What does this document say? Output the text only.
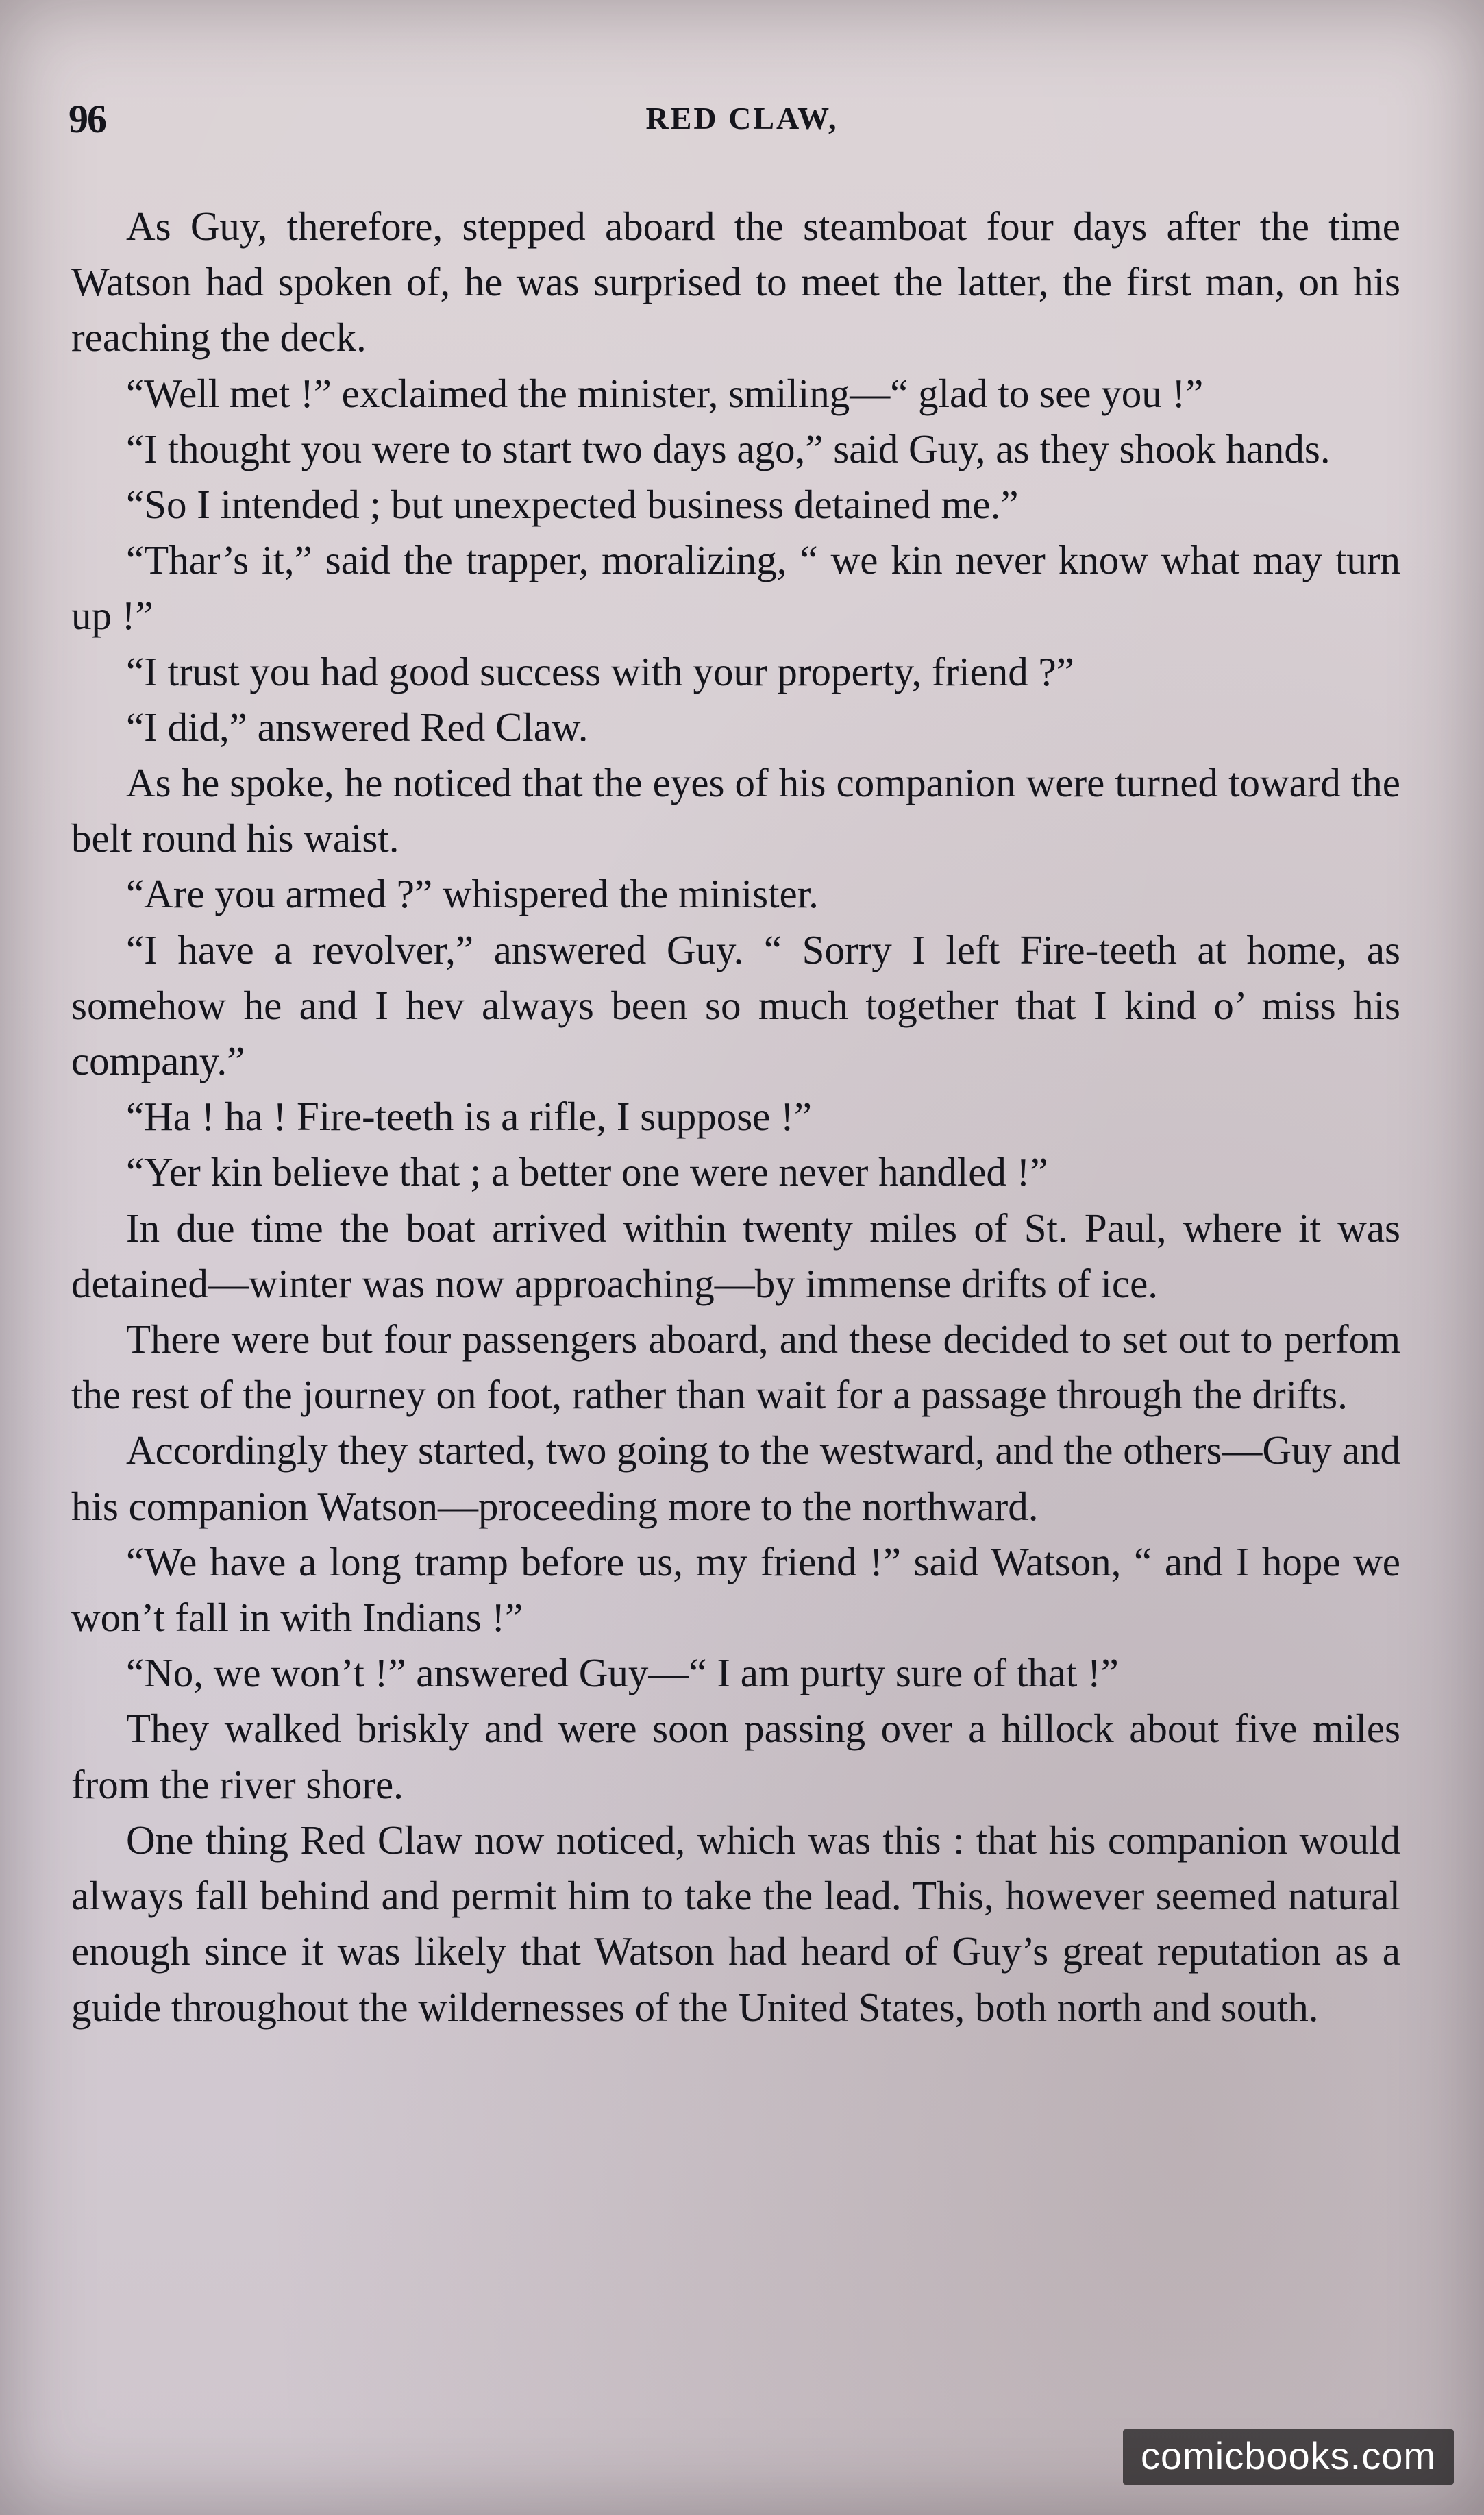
96	RED CLAW,

As Guy, therefore, stepped aboard the steamboat four days after the time Watson had spoken of, he was surprised to meet the latter, the first man, on his reaching the deck.

“Well met !” exclaimed the minister, smiling—“ glad to see you !”

“I thought you were to start two days ago,” said Guy, as they shook hands.

“So I intended ; but unexpected business detained me.”

“Thar’s it,” said the trapper, moralizing, “ we kin never know what may turn up !”

“I trust you had good success with your property, friend ?”

“I did,” answered Red Claw.

As he spoke, he noticed that the eyes of his companion were turned toward the belt round his waist.

“Are you armed ?” whispered the minister.

“I have a revolver,” answered Guy. “ Sorry I left Fire-teeth at home, as somehow he and I hev always been so much together that I kind o’ miss his company.”

“Ha ! ha ! Fire-teeth is a rifle, I suppose !”

“Yer kin believe that ; a better one were never handled !”

In due time the boat arrived within twenty miles of St. Paul, where it was detained—winter was now approaching—by immense drifts of ice.

There were but four passengers aboard, and these decided to set out to perfom the rest of the journey on foot, rather than wait for a passage through the drifts.

Accordingly they started, two going to the westward, and the others—Guy and his companion Watson—proceeding more to the northward.

“We have a long tramp before us, my friend !” said Watson, “ and I hope we won’t fall in with Indians !”

“No, we won’t !” answered Guy—“ I am purty sure of that !”

They walked briskly and were soon passing over a hillock about five miles from the river shore.

One thing Red Claw now noticed, which was this : that his companion would always fall behind and permit him to take the lead. This, however seemed natural enough since it was likely that Watson had heard of Guy’s great reputation as a guide throughout the wildernesses of the United States, both north and south.

comicbooks.com
